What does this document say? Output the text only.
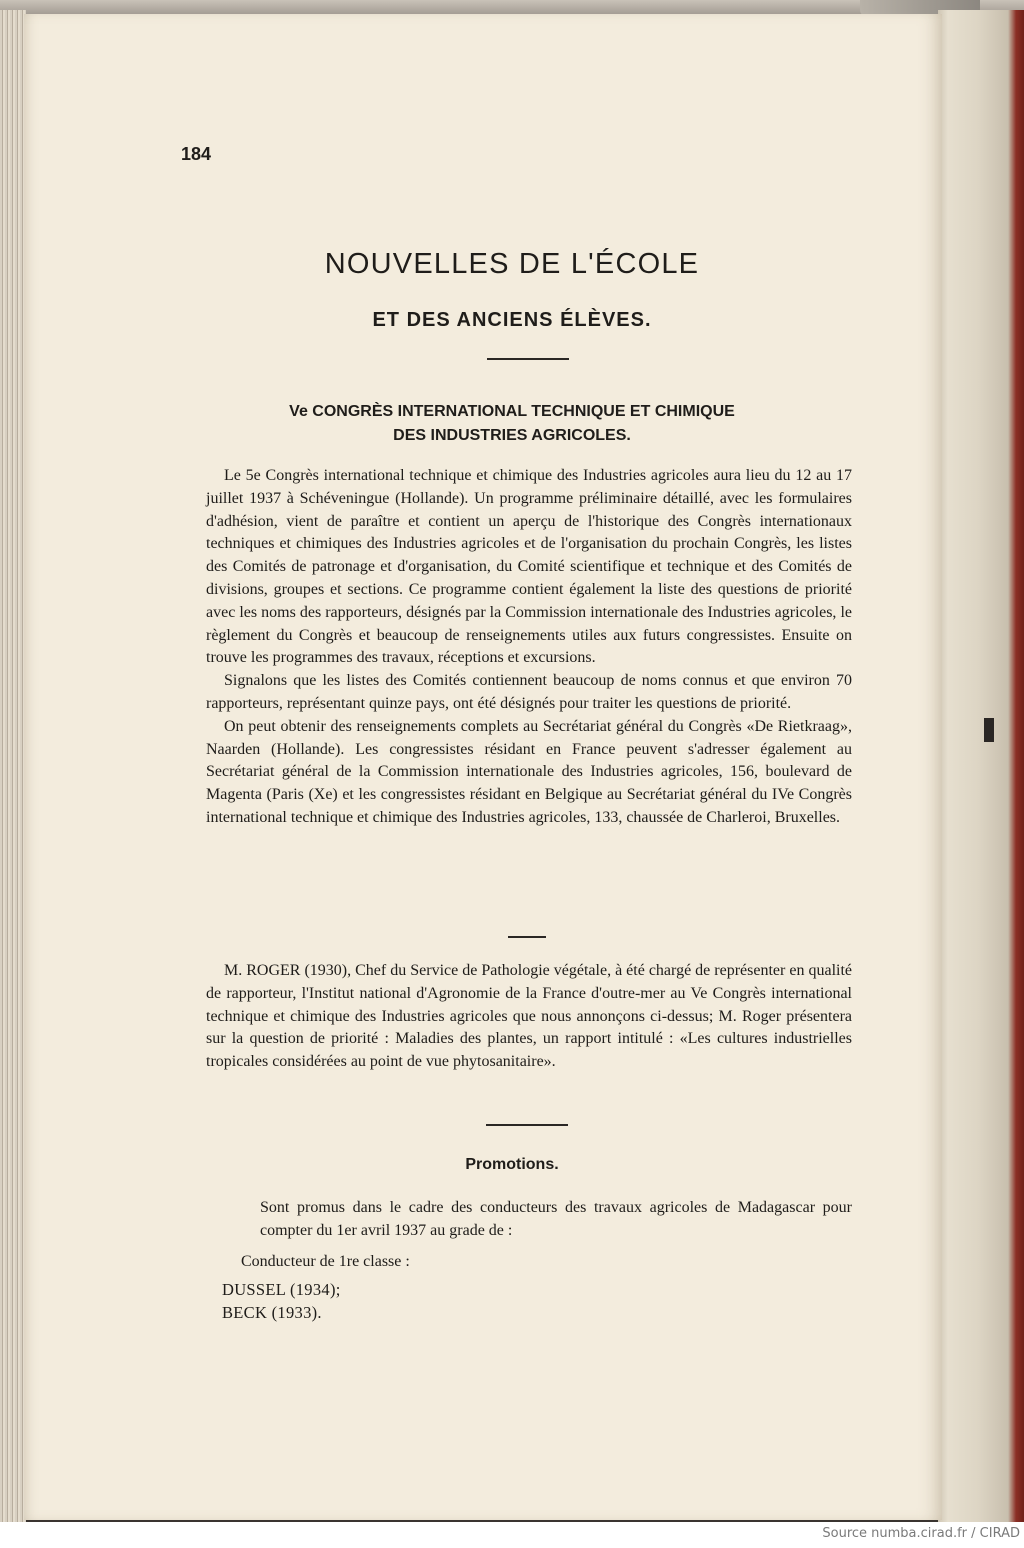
184

NOUVELLES DE L'ÉCOLE
ET DES ANCIENS ÉLÈVES.
Ve CONGRÈS INTERNATIONAL TECHNIQUE ET CHIMIQUE
DES INDUSTRIES AGRICOLES.

Le 5e Congrès international technique et chimique des Industries agricoles aura lieu du 12 au 17 juillet 1937 à Schéveningue (Hollande). Un programme préliminaire détaillé, avec les formulaires d'adhésion, vient de paraître et contient un aperçu de l'historique des Congrès internationaux techniques et chimiques des Industries agricoles et de l'organisation du prochain Congrès, les listes des Comités de patronage et d'organisation, du Comité scientifique et technique et des Comités de divisions, groupes et sections. Ce programme contient également la liste des questions de priorité avec les noms des rapporteurs, désignés par la Commission internationale des Industries agricoles, le règlement du Congrès et beaucoup de renseignements utiles aux futurs congressistes. Ensuite on trouve les programmes des travaux, réceptions et excursions.

Signalons que les listes des Comités contiennent beaucoup de noms connus et que environ 70 rapporteurs, représentant quinze pays, ont été désignés pour traiter les questions de priorité.

On peut obtenir des renseignements complets au Secrétariat général du Congrès «De Rietkraag», Naarden (Hollande). Les congressistes résidant en France peuvent s'adresser également au Secrétariat général de la Commission internationale des Industries agricoles, 156, boulevard de Magenta (Paris (Xe) et les congressistes résidant en Belgique au Secrétariat général du IVe Congrès international technique et chimique des Industries agricoles, 133, chaussée de Charleroi, Bruxelles.

M. ROGER (1930), Chef du Service de Pathologie végétale, à été chargé de représenter en qualité de rapporteur, l'Institut national d'Agronomie de la France d'outre-mer au Ve Congrès international technique et chimique des Industries agricoles que nous annonçons ci-dessus; M. Roger présentera sur la question de priorité : Maladies des plantes, un rapport intitulé : «Les cultures industrielles tropicales considérées au point de vue phytosanitaire».

Promotions.

Sont promus dans le cadre des conducteurs des travaux agricoles de Madagascar pour compter du 1er avril 1937 au grade de :

Conducteur de 1re classe :

DUSSEL (1934);

BECK (1933).

Source numba.cirad.fr / CIRAD
